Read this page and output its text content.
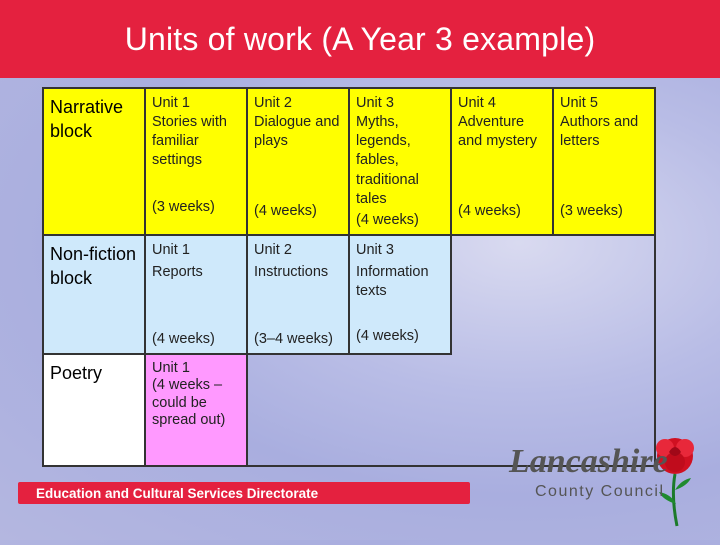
Units of work (A Year 3 example)
Narrative block
Unit 1
Stories with familiar settings
(3 weeks)
Unit 2
Dialogue and plays
(4 weeks)
Unit 3
Myths, legends, fables, traditional tales
(4 weeks)
Unit 4
Adventure and mystery
(4 weeks)
Unit 5
Authors and letters
(3 weeks)
Non-fiction block
Unit 1
Reports
(4 weeks)
Unit 2
Instructions
(3–4 weeks)
Unit 3
Information texts
(4 weeks)
Poetry	Unit 1
(4 weeks – could be spread out)
Education and Cultural Services Directorate
Lancashire
County Council
